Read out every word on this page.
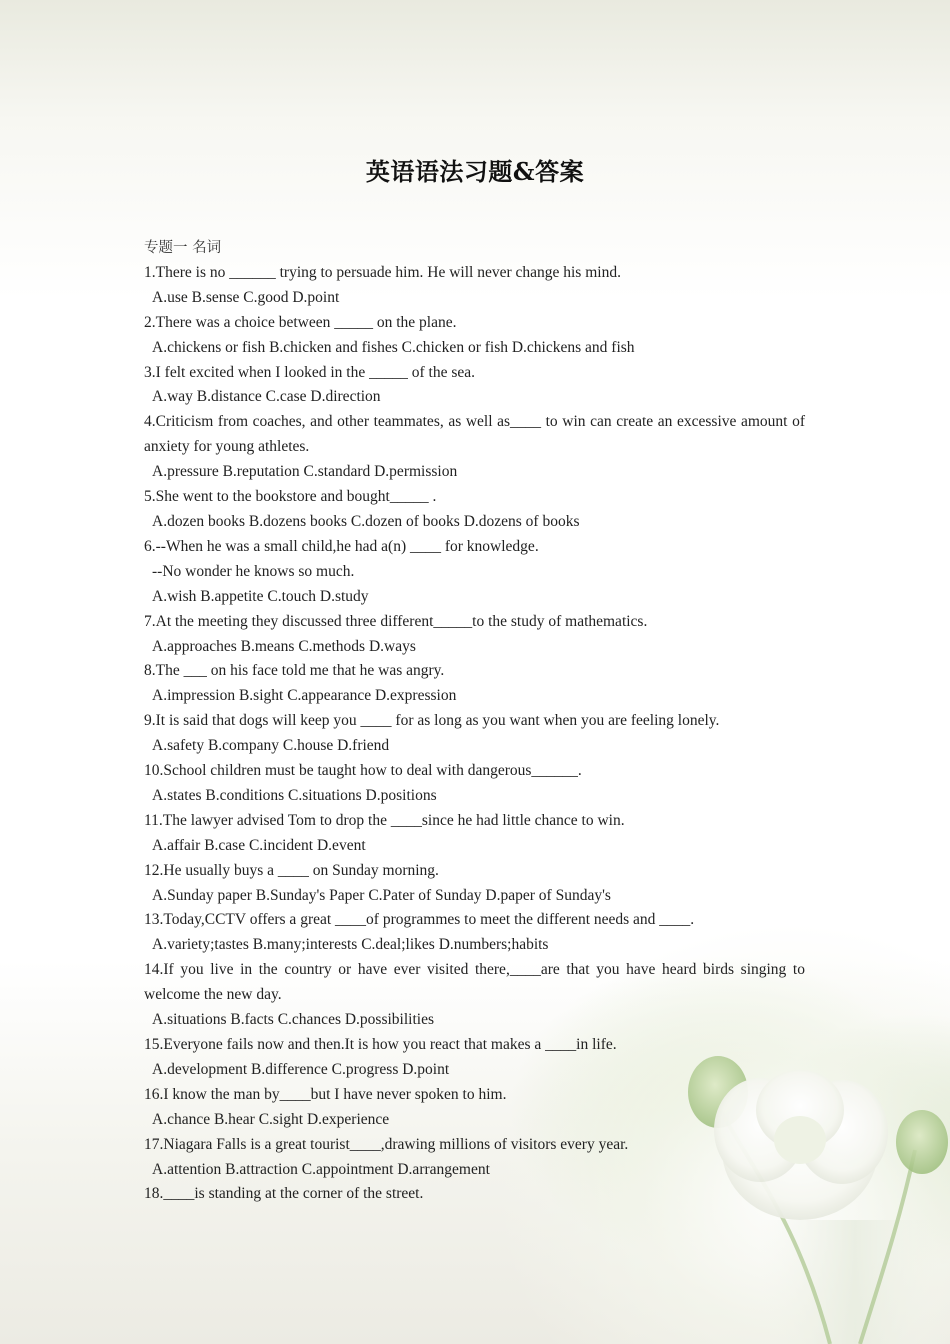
英语语法习题&答案
专题一 名词
1.There is no ______ trying to persuade him. He will never change his mind.
A.use B.sense C.good D.point
2.There was a choice between _____ on the plane.
A.chickens or fish B.chicken and fishes C.chicken or fish D.chickens and fish
3.I felt excited when I looked in the _____ of the sea.
A.way B.distance C.case D.direction
4.Criticism from coaches, and other teammates, as well as____ to win can create an excessive amount of anxiety for young athletes.
A.pressure B.reputation C.standard D.permission
5.She went to the bookstore and bought_____ .
A.dozen books B.dozens books C.dozen of books D.dozens of books
6.--When he was a small child,he had a(n) ____ for knowledge.
--No wonder he knows so much.
A.wish B.appetite C.touch D.study
7.At the meeting they discussed three different_____to the study of mathematics.
A.approaches B.means C.methods D.ways
8.The ___ on his face told me that he was angry.
A.impression B.sight C.appearance D.expression
9.It is said that dogs will keep you ____ for as long as you want when you are feeling lonely.
A.safety B.company C.house D.friend
10.School children must be taught how to deal with dangerous______.
A.states B.conditions C.situations D.positions
11.The lawyer advised Tom to drop the ____since he had little chance to win.
A.affair B.case C.incident D.event
12.He usually buys a ____ on Sunday morning.
A.Sunday paper B.Sunday's Paper C.Pater of Sunday D.paper of Sunday's
13.Today,CCTV offers a great ____of programmes to meet the different needs and ____.
A.variety;tastes B.many;interests C.deal;likes D.numbers;habits
14.If you live in the country or have ever visited there,____are that you have heard birds singing to welcome the new day.
A.situations B.facts C.chances D.possibilities
15.Everyone fails now and then.It is how you react that makes a ____in life.
A.development B.difference C.progress D.point
16.I know the man by____but I have never spoken to him.
A.chance B.hear C.sight D.experience
17.Niagara Falls is a great tourist____,drawing millions of visitors every year.
A.attention B.attraction C.appointment D.arrangement
18.____is standing at the corner of the street.
